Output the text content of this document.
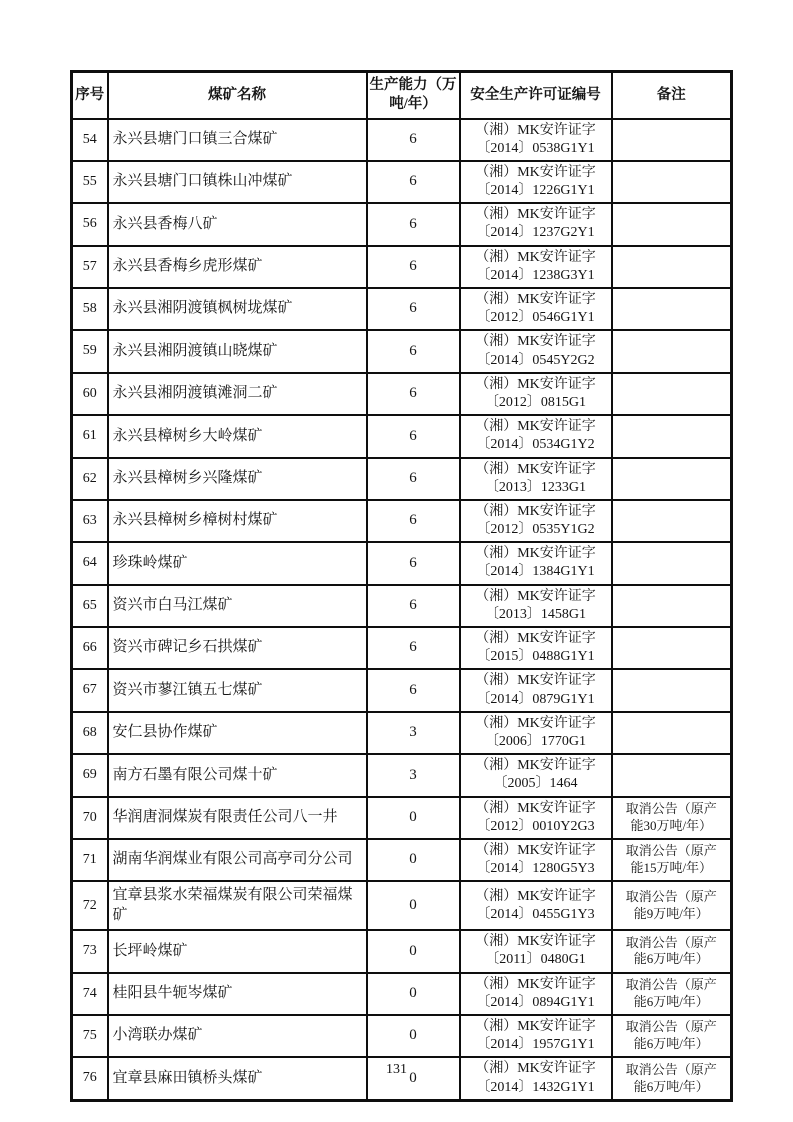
序号	煤矿名称	生产能力（万吨/年）	安全生产许可证编号	备注
54	永兴县塘门口镇三合煤矿	6	（湘）MK安许证字〔2014〕0538G1Y1	
55	永兴县塘门口镇株山冲煤矿	6	（湘）MK安许证字〔2014〕1226G1Y1	
56	永兴县香梅八矿	6	（湘）MK安许证字〔2014〕1237G2Y1	
57	永兴县香梅乡虎形煤矿	6	（湘）MK安许证字〔2014〕1238G3Y1	
58	永兴县湘阴渡镇枫树垅煤矿	6	（湘）MK安许证字〔2012〕0546G1Y1	
59	永兴县湘阴渡镇山晓煤矿	6	（湘）MK安许证字〔2014〕0545Y2G2	
60	永兴县湘阴渡镇滩洞二矿	6	（湘）MK安许证字〔2012〕0815G1	
61	永兴县樟树乡大岭煤矿	6	（湘）MK安许证字〔2014〕0534G1Y2	
62	永兴县樟树乡兴隆煤矿	6	（湘）MK安许证字〔2013〕1233G1	
63	永兴县樟树乡樟树村煤矿	6	（湘）MK安许证字〔2012〕0535Y1G2	
64	珍珠岭煤矿	6	（湘）MK安许证字〔2014〕1384G1Y1	
65	资兴市白马江煤矿	6	（湘）MK安许证字〔2013〕1458G1	
66	资兴市碑记乡石拱煤矿	6	（湘）MK安许证字〔2015〕0488G1Y1	
67	资兴市蓼江镇五七煤矿	6	（湘）MK安许证字〔2014〕0879G1Y1	
68	安仁县协作煤矿	3	（湘）MK安许证字〔2006〕1770G1	
69	南方石墨有限公司煤十矿	3	（湘）MK安许证字〔2005〕1464	
70	华润唐洞煤炭有限责任公司八一井	0	（湘）MK安许证字〔2012〕0010Y2G3	取消公告（原产能30万吨/年）
71	湖南华润煤业有限公司高亭司分公司	0	（湘）MK安许证字〔2014〕1280G5Y3	取消公告（原产能15万吨/年）
72	宜章县浆水荣福煤炭有限公司荣福煤矿	0	（湘）MK安许证字〔2014〕0455G1Y3	取消公告（原产能9万吨/年）
73	长坪岭煤矿	0	（湘）MK安许证字〔2011〕0480G1	取消公告（原产能6万吨/年）
74	桂阳县牛轭岑煤矿	0	（湘）MK安许证字〔2014〕0894G1Y1	取消公告（原产能6万吨/年）
75	小湾联办煤矿	0	（湘）MK安许证字〔2014〕1957G1Y1	取消公告（原产能6万吨/年）
76	宜章县麻田镇桥头煤矿	0	（湘）MK安许证字〔2014〕1432G1Y1	取消公告（原产能6万吨/年）
131
